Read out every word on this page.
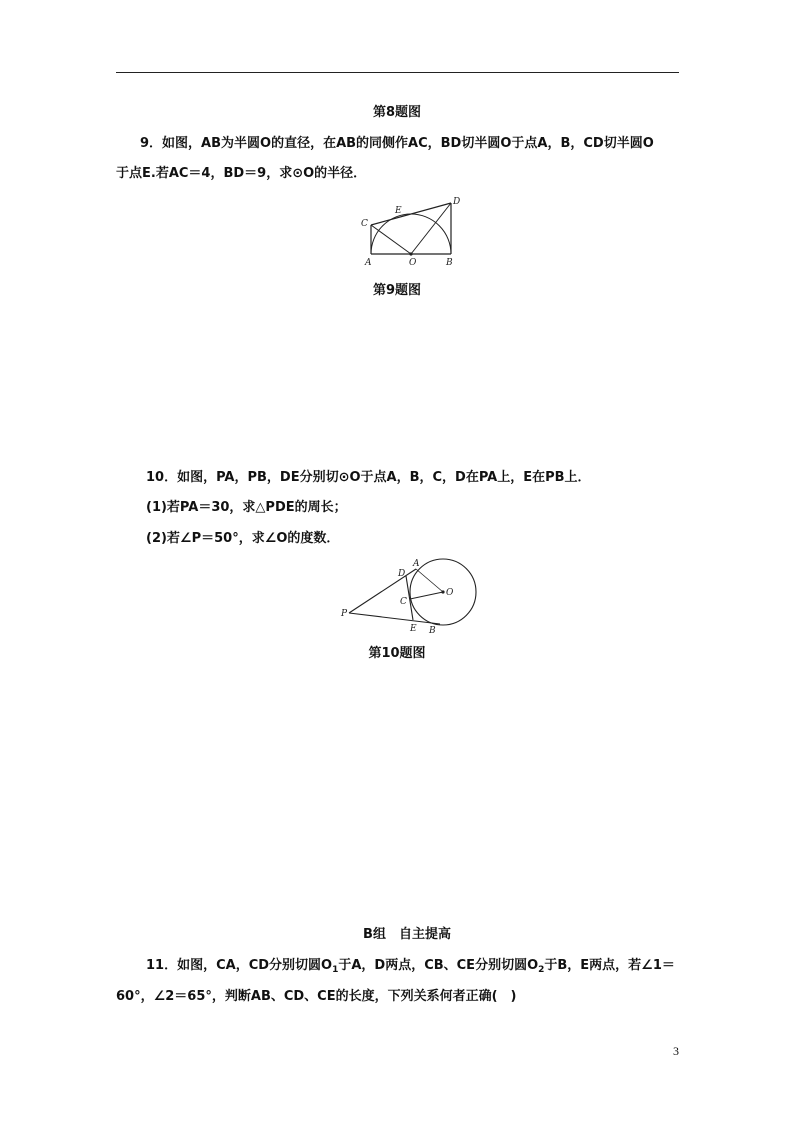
第8题图
9．如图，AB为半圆O的直径，在AB的同侧作AC，BD切半圆O于点A，B，CD切半圆O
于点E.若AC＝4，BD＝9，求⊙O的半径．
A	O	B
C
E
D
第9题图
10．如图，PA，PB，DE分别切⊙O于点A，B，C，D在PA上，E在PB上．
(1)若PA＝30，求△PDE的周长；
(2)若∠P＝50°，求∠O的度数．
P
A
D
C
E B
O
第10题图
B组　自主提高
11．如图，CA，CD分别切圆$O_1$于A，D两点，CB、CE分别切圆$O_2$于B，E两点，若∠1＝
60°，∠2＝65°，判断AB、CD、CE的长度，下列关系何者正确(　)
3
